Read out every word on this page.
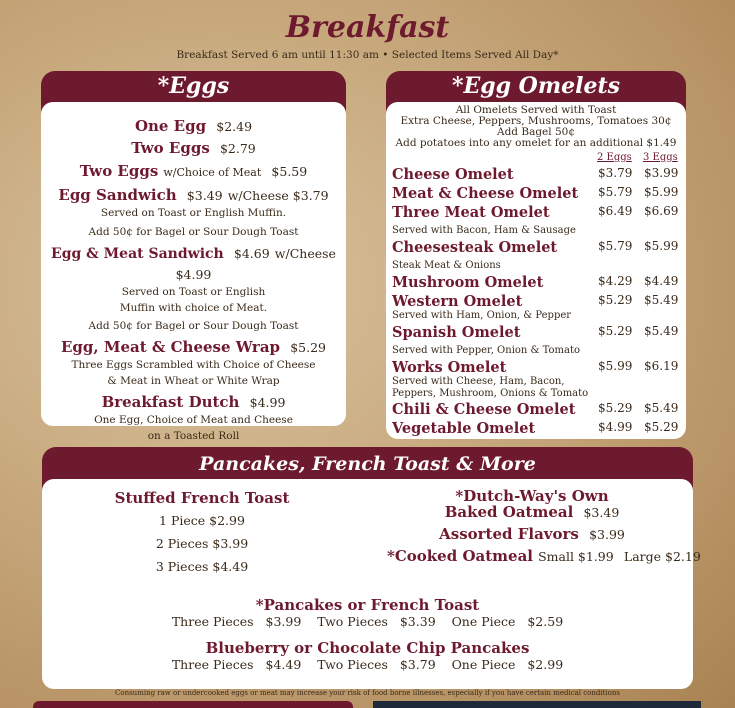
Breakfast
Breakfast Served 6 am until 11:30 am • Selected Items Served All Day*
*Eggs
One Egg $2.49
Two Eggs $2.79
Two Eggs w/Choice of Meat $5.59
Egg Sandwich $3.49 w/Cheese $3.79
Served on Toast or English Muffin.
Add 50¢ for Bagel or Sour Dough Toast
Egg & Meat Sandwich $4.69 w/Cheese $4.99
Served on Toast or English
Muffin with choice of Meat.
Add 50¢ for Bagel or Sour Dough Toast
Egg, Meat & Cheese Wrap $5.29
Three Eggs Scrambled with Choice of Cheese
& Meat in Wheat or White Wrap
Breakfast Dutch $4.99
One Egg, Choice of Meat and Cheese
on a Toasted Roll
*Egg Omelets
All Omelets Served with Toast
Extra Cheese, Peppers, Mushrooms, Tomatoes 30¢
Add Bagel 50¢
Add potatoes into any omelet for an additional $1.49
2 Eggs 3 Eggs
Cheese Omelet	$3.79 $3.99
Meat & Cheese Omelet $5.79 $5.99
Three Meat Omelet	$6.49 $6.69
Served with Bacon, Ham & Sausage
Cheesesteak Omelet	$5.79 $5.99
Steak Meat & Onions
Mushroom Omelet	$4.29 $4.49
Western Omelet	$5.29 $5.49
Served with Ham, Onion, & Pepper
Spanish Omelet	$5.29 $5.49
Served with Pepper, Onion & Tomato
Works Omelet	$5.99 $6.19
Served with Cheese, Ham, Bacon,
Peppers, Mushroom, Onions & Tomato
Chili & Cheese Omelet $5.29 $5.49
Vegetable Omelet	$4.99 $5.29
Pancakes, French Toast & More
Stuffed French Toast
1 Piece $2.99
2 Pieces $3.99
3 Pieces $4.49
*Dutch-Way's Own
Baked Oatmeal $3.49
Assorted Flavors $3.99
*Cooked Oatmeal Small $1.99 Large $2.19
*Pancakes or French Toast
Three Pieces $3.99 Two Pieces $3.39 One Piece $2.59
Blueberry or Chocolate Chip Pancakes
Three Pieces $4.49 Two Pieces $3.79 One Piece $2.99
Consuming raw or undercooked eggs or meat may increase your risk of food borne illnesses, especially if you have certain medical conditions
